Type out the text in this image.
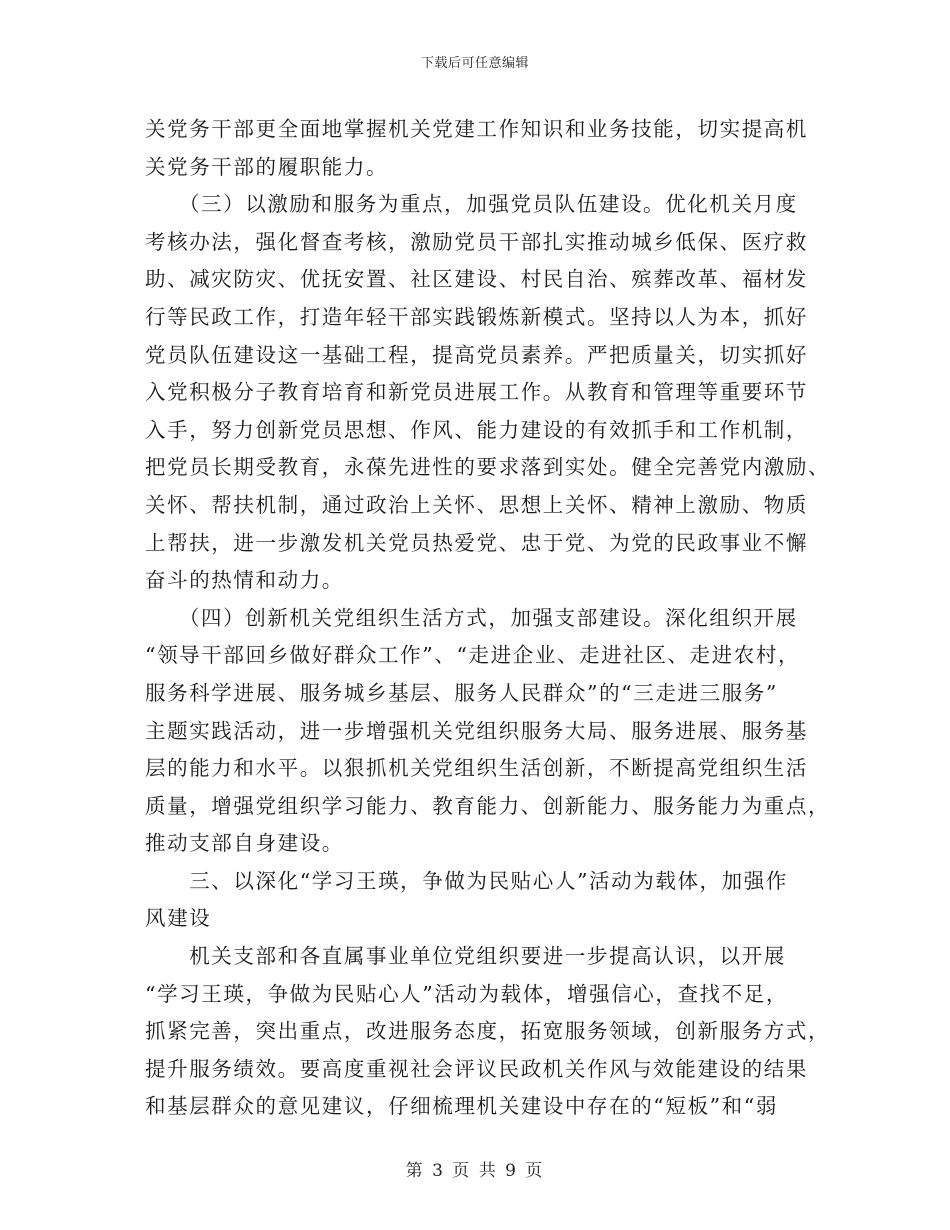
下载后可任意编辑
关党务干部更全面地掌握机关党建工作知识和业务技能，切实提高机
关党务干部的履职能力。
　　（三）以激励和服务为重点，加强党员队伍建设。优化机关月度
考核办法，强化督查考核，激励党员干部扎实推动城乡低保、医疗救
助、减灾防灾、优抚安置、社区建设、村民自治、殡葬改革、福材发
行等民政工作，打造年轻干部实践锻炼新模式。坚持以人为本，抓好
党员队伍建设这一基础工程，提高党员素养。严把质量关，切实抓好
入党积极分子教育培育和新党员进展工作。从教育和管理等重要环节
入手，努力创新党员思想、作风、能力建设的有效抓手和工作机制，
把党员长期受教育，永葆先进性的要求落到实处。健全完善党内激励、
关怀、帮扶机制，通过政治上关怀、思想上关怀、精神上激励、物质
上帮扶，进一步激发机关党员热爱党、忠于党、为党的民政事业不懈
奋斗的热情和动力。
　　（四）创新机关党组织生活方式，加强支部建设。深化组织开展
“领导干部回乡做好群众工作”、“走进企业、走进社区、走进农村，
服务科学进展、服务城乡基层、服务人民群众”的“三走进三服务”
主题实践活动，进一步增强机关党组织服务大局、服务进展、服务基
层的能力和水平。以狠抓机关党组织生活创新，不断提高党组织生活
质量，增强党组织学习能力、教育能力、创新能力、服务能力为重点，
推动支部自身建设。
　　三、以深化“学习王瑛，争做为民贴心人”活动为载体，加强作
风建设
　　机关支部和各直属事业单位党组织要进一步提高认识，以开展
“学习王瑛，争做为民贴心人”活动为载体，增强信心，查找不足，
抓紧完善，突出重点，改进服务态度，拓宽服务领域，创新服务方式，
提升服务绩效。要高度重视社会评议民政机关作风与效能建设的结果
和基层群众的意见建议，仔细梳理机关建设中存在的“短板”和“弱
第 3 页 共 9 页
